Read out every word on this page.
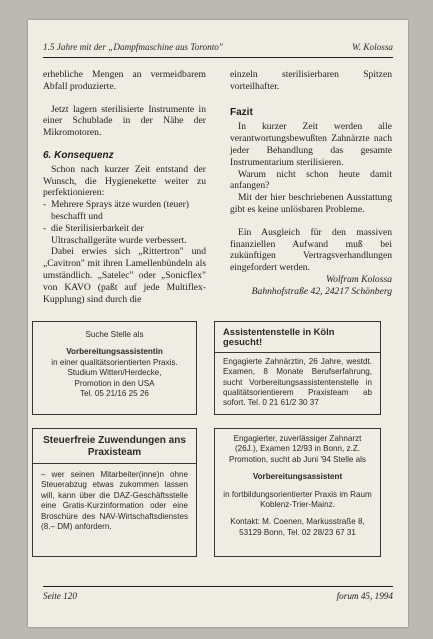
1.5 Jahre mit der „Dampfmaschine aus Toronto"	W. Kolossa

erhebliche Mengen an vermeidbarem Abfall produzierte.

Jetzt lagern sterilisierte Instrumente in einer Schublade in der Nähe der Mikromotoren.

6. Konsequenz

Schon nach kurzer Zeit entstand der Wunsch, die Hygienekette weiter zu perfektionieren:

- Mehrere Sprays ätze wurden (teuer) beschafft und
- die Sterilisierbarkeit der Ultraschallgeräte wurde verbessert.

Dabei erwies sich „Rittertron" und „Cavitron" mit ihren Lamellenbündeln als umständlich. „Satelec" oder „Sonicflex" von KAVO (paßt auf jede Multiflex-Kupplung) sind durch die

einzeln sterilisierbaren Spitzen vorteilhafter.

Fazit

In kurzer Zeit werden alle verantwortungsbewußten Zahnärzte nach jeder Behandlung das gesamte Instrumentarium sterilisieren.

Warum nicht schon heute damit anfangen?

Mit der hier beschriebenen Ausstattung gibt es keine unlösbaren Probleme.

Ein Ausgleich für den massiven finanziellen Aufwand muß bei zukünftigen Vertragsverhandlungen eingefordert werden.

Wolfram Kolossa

Bahnhofstraße 42, 24217 Schönberg

Suche Stelle als
Vorbereitungsassistentin
in einer qualitätsorientierten Praxis.
Studium Witten/Herdecke,
Promotion in den USA
Tel. 05 21/16 25 26
Assistentenstelle in Köln gesucht!
Engagierte Zahnärztin, 26 Jahre, westdt. Examen, 8 Monate Berufserfahrung, sucht Vorbereitungsassistentenstelle in qualitätsorientierem Praxisteam ab sofort. Tel. 0 21 61/2 30 37
Steuerfreie Zuwendungen ans Praxisteam
– wer seinen Mitarbeiter(inne)n ohne Steuerabzug etwas zukommen lassen will, kann über die DAZ-Geschäftsstelle eine Gratis-Kurzinformation oder eine Broschüre des NAV-Wirtschaftsdienstes (8.– DM) anfordern.
Engagierter, zuverlässiger Zahnarzt (26J.), Examen 12/93 in Bonn, z.Z. Promotion, sucht ab Juni '94 Stelle als
Vorbereitungsassistent
in fortbildungsorientierter Praxis im Raum Koblenz-Trier-Mainz.
Kontakt: M. Coenen, Markusstraße 8, 53129 Bonn, Tel. 02 28/23 67 31
Seite 120	forum 45, 1994
